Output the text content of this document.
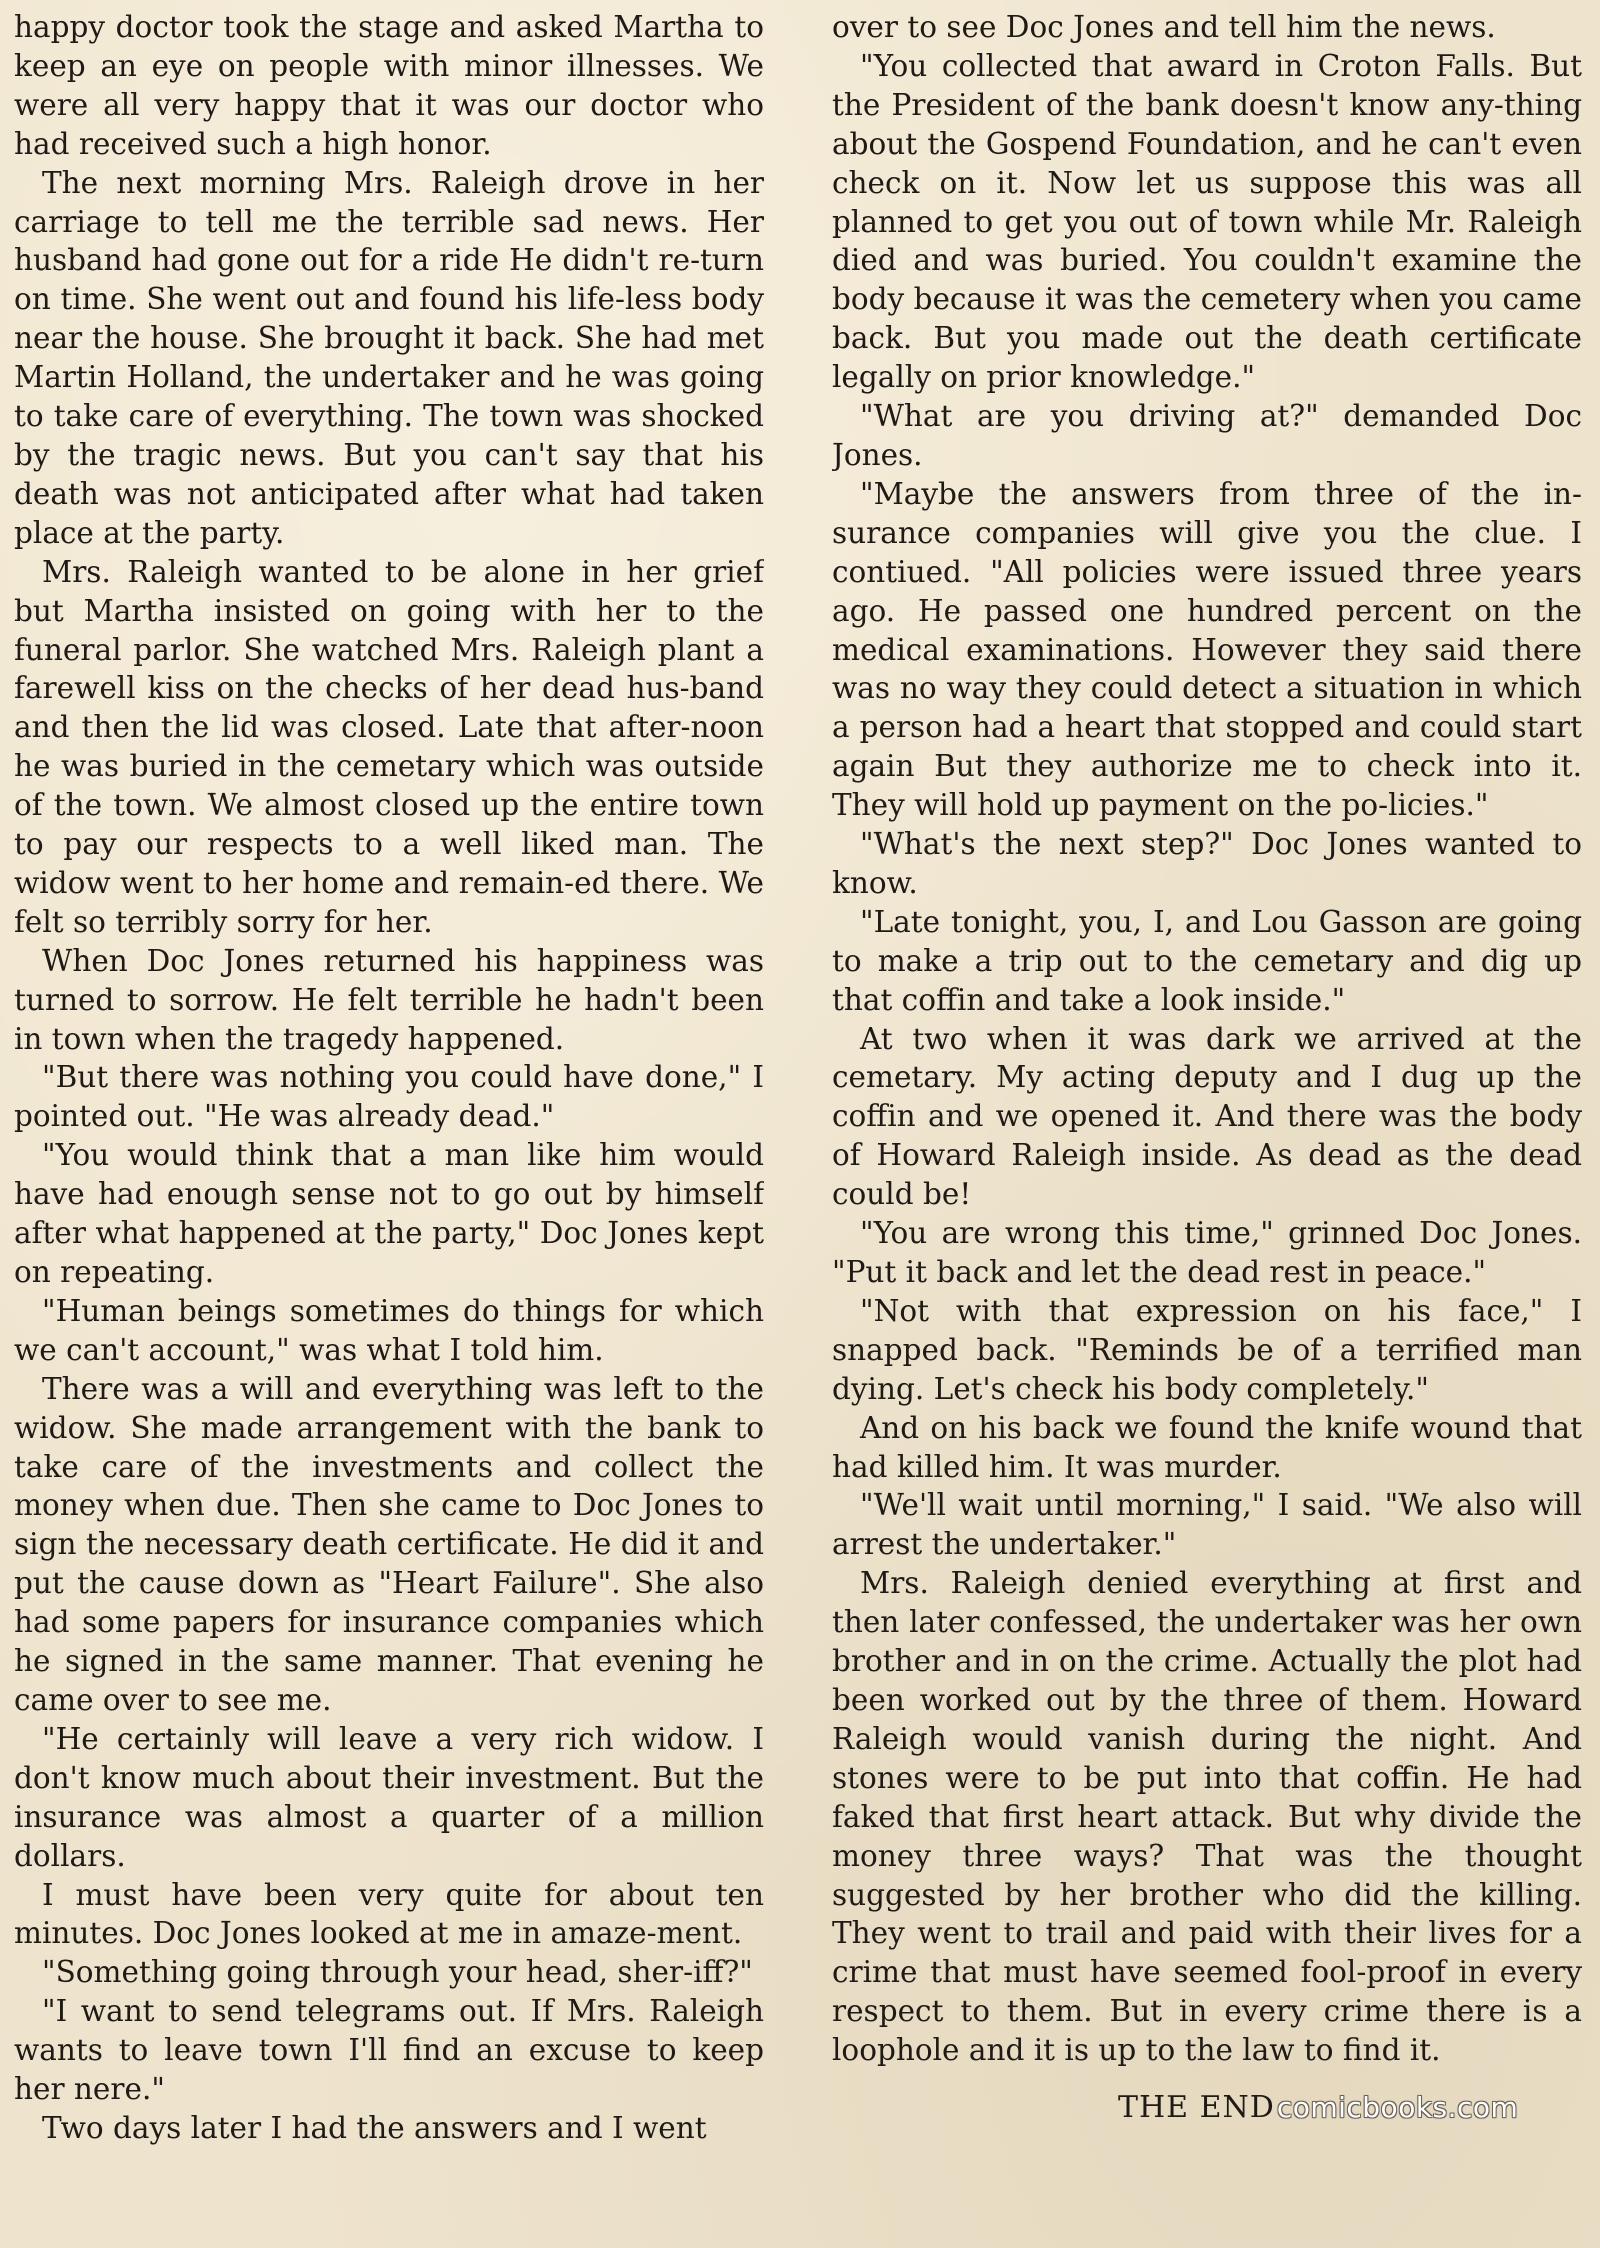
happy doctor took the stage and asked Martha to keep an eye on people with minor illnesses. We were all very happy that it was our doctor who had received such a high honor.

The next morning Mrs. Raleigh drove in her carriage to tell me the terrible sad news. Her husband had gone out for a ride He didn't re-turn on time. She went out and found his life-less body near the house. She brought it back. She had met Martin Holland, the undertaker and he was going to take care of everything. The town was shocked by the tragic news. But you can't say that his death was not anticipated after what had taken place at the party.

Mrs. Raleigh wanted to be alone in her grief but Martha insisted on going with her to the funeral parlor. She watched Mrs. Raleigh plant a farewell kiss on the checks of her dead hus-band and then the lid was closed. Late that after-noon he was buried in the cemetary which was outside of the town. We almost closed up the entire town to pay our respects to a well liked man. The widow went to her home and remain-ed there. We felt so terribly sorry for her.

When Doc Jones returned his happiness was turned to sorrow. He felt terrible he hadn't been in town when the tragedy happened.

"But there was nothing you could have done," I pointed out. "He was already dead."

"You would think that a man like him would have had enough sense not to go out by himself after what happened at the party," Doc Jones kept on repeating.

"Human beings sometimes do things for which we can't account," was what I told him.

There was a will and everything was left to the widow. She made arrangement with the bank to take care of the investments and collect the money when due. Then she came to Doc Jones to sign the necessary death certificate. He did it and put the cause down as "Heart Failure". She also had some papers for insurance companies which he signed in the same manner. That evening he came over to see me.

"He certainly will leave a very rich widow. I don't know much about their investment. But the insurance was almost a quarter of a million dollars.

I must have been very quite for about ten minutes. Doc Jones looked at me in amaze-ment.

"Something going through your head, sher-iff?"

"I want to send telegrams out. If Mrs. Raleigh wants to leave town I'll find an excuse to keep her nere."

Two days later I had the answers and I went

over to see Doc Jones and tell him the news.

"You collected that award in Croton Falls. But the President of the bank doesn't know any-thing about the Gospend Foundation, and he can't even check on it. Now let us suppose this was all planned to get you out of town while Mr. Raleigh died and was buried. You couldn't examine the body because it was the cemetery when you came back. But you made out the death certificate legally on prior knowledge."

"What are you driving at?" demanded Doc Jones.

"Maybe the answers from three of the in-surance companies will give you the clue. I contiued. "All policies were issued three years ago. He passed one hundred percent on the medical examinations. However they said there was no way they could detect a situation in which a person had a heart that stopped and could start again But they authorize me to check into it. They will hold up payment on the po-licies."

"What's the next step?" Doc Jones wanted to know.

"Late tonight, you, I, and Lou Gasson are going to make a trip out to the cemetary and dig up that coffin and take a look inside."

At two when it was dark we arrived at the cemetary. My acting deputy and I dug up the coffin and we opened it. And there was the body of Howard Raleigh inside. As dead as the dead could be!

"You are wrong this time," grinned Doc Jones. "Put it back and let the dead rest in peace."

"Not with that expression on his face," I snapped back. "Reminds be of a terrified man dying. Let's check his body completely."

And on his back we found the knife wound that had killed him. It was murder.

"We'll wait until morning," I said. "We also will arrest the undertaker."

Mrs. Raleigh denied everything at first and then later confessed, the undertaker was her own brother and in on the crime. Actually the plot had been worked out by the three of them. Howard Raleigh would vanish during the night. And stones were to be put into that coffin. He had faked that first heart attack. But why divide the money three ways? That was the thought suggested by her brother who did the killing. They went to trail and paid with their lives for a crime that must have seemed fool-proof in every respect to them. But in every crime there is a loophole and it is up to the law to find it.

THE END comicbooks.com
